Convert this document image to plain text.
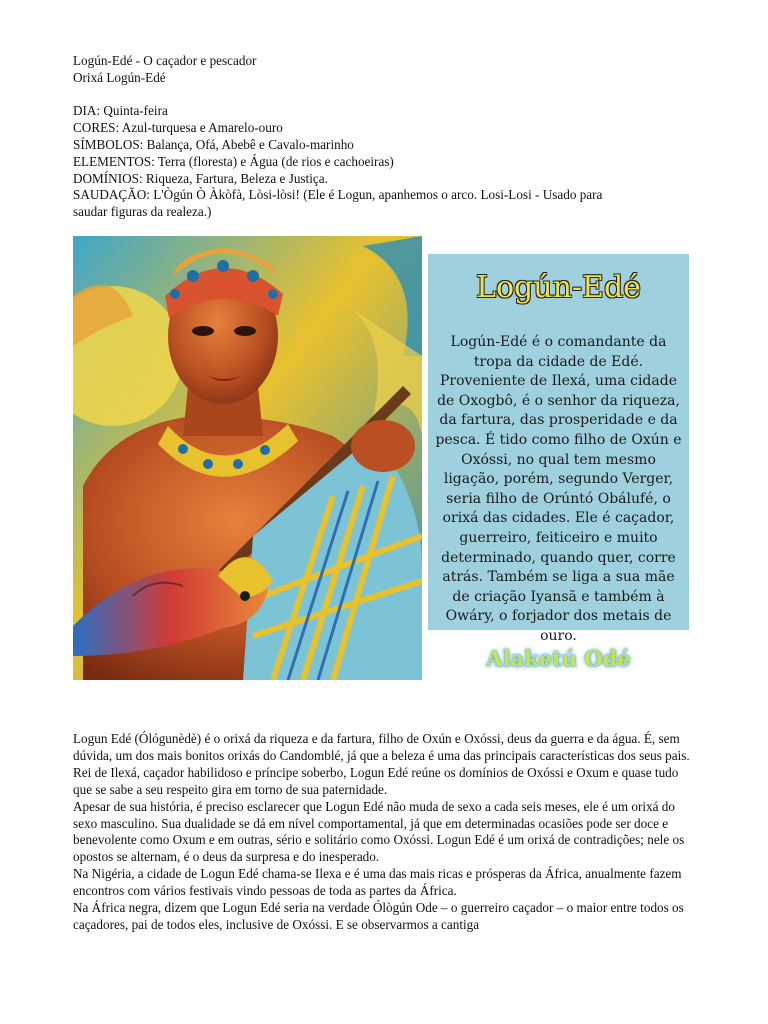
Logún-Edé - O caçador e pescador
Orixá Logún-Edé
DIA: Quinta-feira
CORES: Azul-turquesa e Amarelo-ouro
SÍMBOLOS: Balança, Ofá, Abebê e Cavalo-marinho
ELEMENTOS: Terra (floresta) e Água (de rios e cachoeiras)
DOMÍNIOS: Riqueza, Fartura, Beleza e Justiça.
SAUDAÇÃO: L'Ògún Ò Àkòfà, Lòsi-lòsi! (Ele é Logun, apanhemos o arco. Losi-Losi - Usado para
saudar figuras da realeza.)
Logún-Edé
Logún-Edé é o comandante da tropa da cidade de Edé. Proveniente de Ilexá, uma cidade de Oxogbô, é o senhor da riqueza, da fartura, das prosperidade e da pesca. É tido como filho de Oxún e Oxóssi, no qual tem mesmo ligação, porém, segundo Verger, seria filho de Orúntó Obálufé, o orixá das cidades. Ele é caçador, guerreiro, feiticeiro e muito determinado, quando quer, corre atrás. Também se liga a sua mãe de criação Iyansã e também à Owáry, o forjador dos metais de ouro.
Alaketú Odé

Logun Edé (Ólógunèdè) é o orixá da riqueza e da fartura, filho de Oxún e Oxóssi, deus da guerra e da água. É, sem dúvida, um dos mais bonitos orixás do Candomblé, já que a beleza é uma das principais características dos seus pais.

Rei de Ilexá, caçador habilidoso e príncipe soberbo, Logun Edé reúne os domínios de Oxóssi e Oxum e quase tudo que se sabe a seu respeito gira em torno de sua paternidade.

Apesar de sua história, é preciso esclarecer que Logun Edé não muda de sexo a cada seis meses, ele é um orixá do sexo masculino. Sua dualidade se dá em nível comportamental, já que em determinadas ocasiões pode ser doce e benevolente como Oxum e em outras, sério e solitário como Oxóssi. Logun Edé é um orixá de contradições; nele os opostos se alternam, é o deus da surpresa e do inesperado.

Na Nigéria, a cidade de Logun Edé chama-se Ilexa e é uma das mais ricas e prósperas da África, anualmente fazem encontros com vários festivais vindo pessoas de toda as partes da África.

Na África negra, dizem que Logun Edé seria na verdade Ólògún Ode – o guerreiro caçador – o maior entre todos os caçadores, pai de todos eles, inclusive de Oxóssi. E se observarmos a cantiga
